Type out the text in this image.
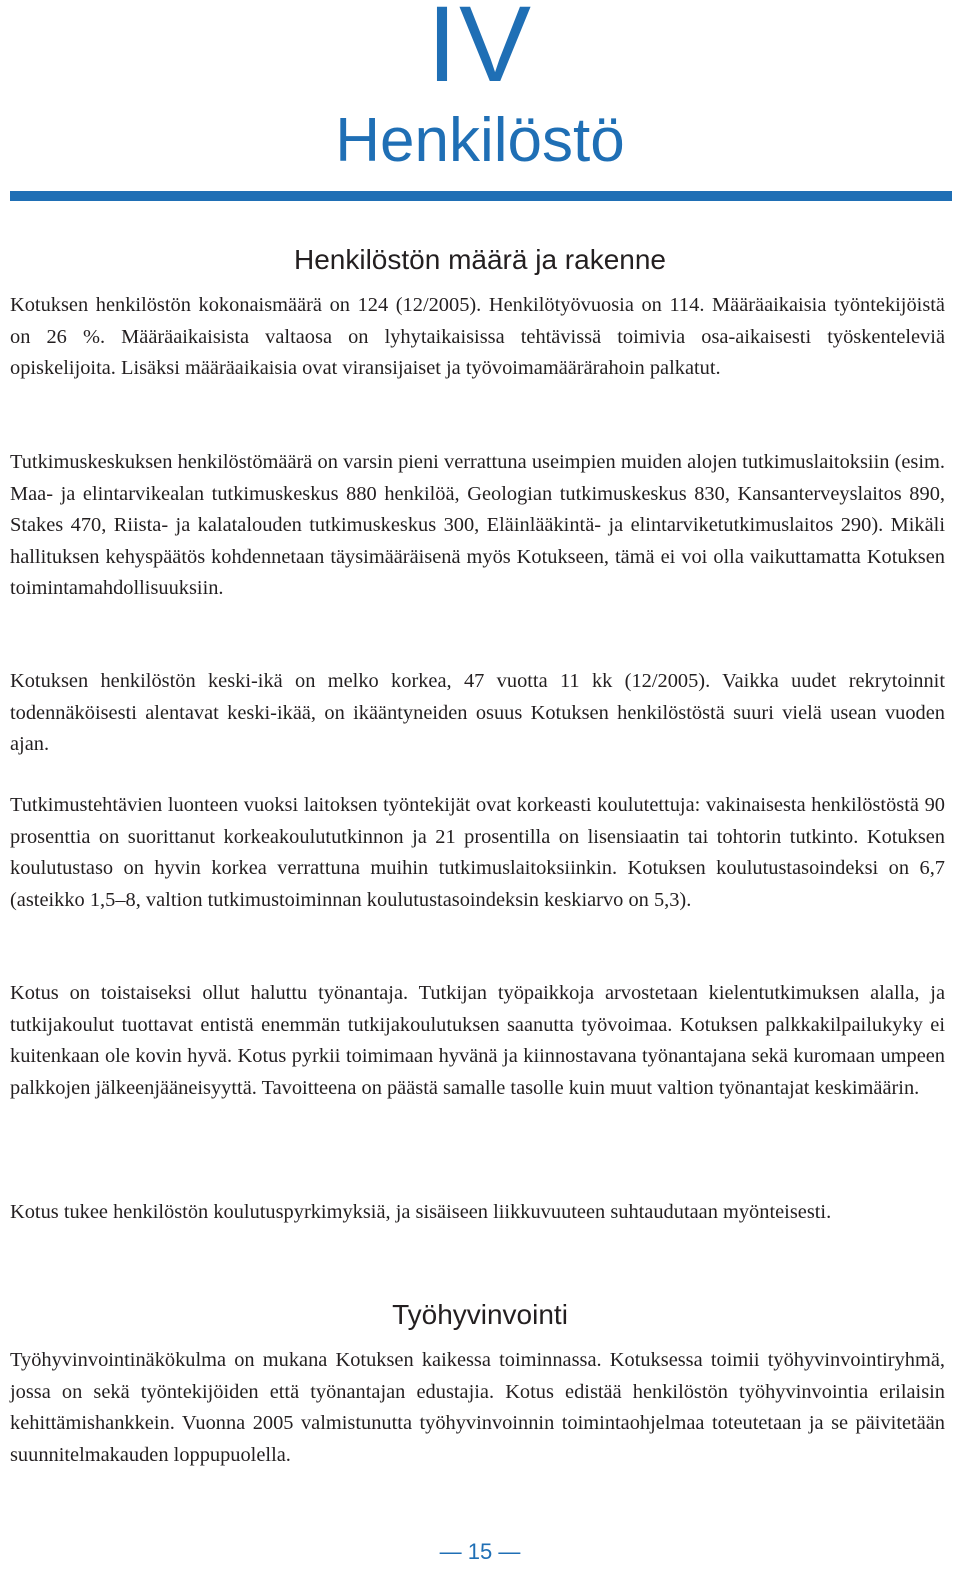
IV
Henkilöstö
Henkilöstön määrä ja rakenne

Kotuksen henkilöstön kokonaismäärä on 124 (12/2005). Henkilötyövuosia on 114. Määräaikaisia työntekijöistä on 26 %. Määräaikaisista valtaosa on lyhytaikaisissa tehtävissä toimivia osa-aikaisesti työskenteleviä opiskelijoita. Lisäksi määräaikaisia ovat viransijaiset ja työvoimamäärärahoin palkatut.

Tutkimuskeskuksen henkilöstömäärä on varsin pieni verrattuna useimpien muiden alojen tutkimuslaitoksiin (esim. Maa- ja elintarvikealan tutkimuskeskus 880 henkilöä, Geologian tutkimuskeskus 830, Kansanterveyslaitos 890, Stakes 470, Riista- ja kalatalouden tutkimuskeskus 300, Eläinlääkintä- ja elintarviketutkimuslaitos 290). Mikäli hallituksen kehyspäätös kohdennetaan täysimääräisenä myös Kotukseen, tämä ei voi olla vaikuttamatta Kotuksen toimintamahdollisuuksiin.

Kotuksen henkilöstön keski-ikä on melko korkea, 47 vuotta 11 kk (12/2005). Vaikka uudet rekrytoinnit todennäköisesti alentavat keski-ikää, on ikääntyneiden osuus Kotuksen henkilöstöstä suuri vielä usean vuoden ajan.

Tutkimustehtävien luonteen vuoksi laitoksen työntekijät ovat korkeasti koulutettuja: vakinaisesta henkilöstöstä 90 prosenttia on suorittanut korkeakoulututkinnon ja 21 prosentilla on lisensiaatin tai tohtorin tutkinto. Kotuksen koulutustaso on hyvin korkea verrattuna muihin tutkimuslaitoksiinkin. Kotuksen koulutustasoindeksi on 6,7 (asteikko 1,5–8, valtion tutkimustoiminnan koulutustasoindeksin keskiarvo on 5,3).

Kotus on toistaiseksi ollut haluttu työnantaja. Tutkijan työpaikkoja arvostetaan kielentutkimuksen alalla, ja tutkijakoulut tuottavat entistä enemmän tutkijakoulutuksen saanutta työvoimaa. Kotuksen palkkakilpailukyky ei kuitenkaan ole kovin hyvä. Kotus pyrkii toimimaan hyvänä ja kiinnostavana työnantajana sekä kuromaan umpeen palkkojen jälkeenjääneisyyttä. Tavoitteena on päästä samalle tasolle kuin muut valtion työnantajat keskimäärin.

Kotus tukee henkilöstön koulutuspyrkimyksiä, ja sisäiseen liikkuvuuteen suhtaudutaan myönteisesti.

Työhyvinvointi

Työhyvinvointinäkökulma on mukana Kotuksen kaikessa toiminnassa. Kotuksessa toimii työhyvinvointiryhmä, jossa on sekä työntekijöiden että työnantajan edustajia. Kotus edistää henkilöstön työhyvinvointia erilaisin kehittämishankkein. Vuonna 2005 valmistunutta työhyvinvoinnin toimintaohjelmaa toteutetaan ja se päivitetään suunnitelmakauden loppupuolella.

— 15 —
